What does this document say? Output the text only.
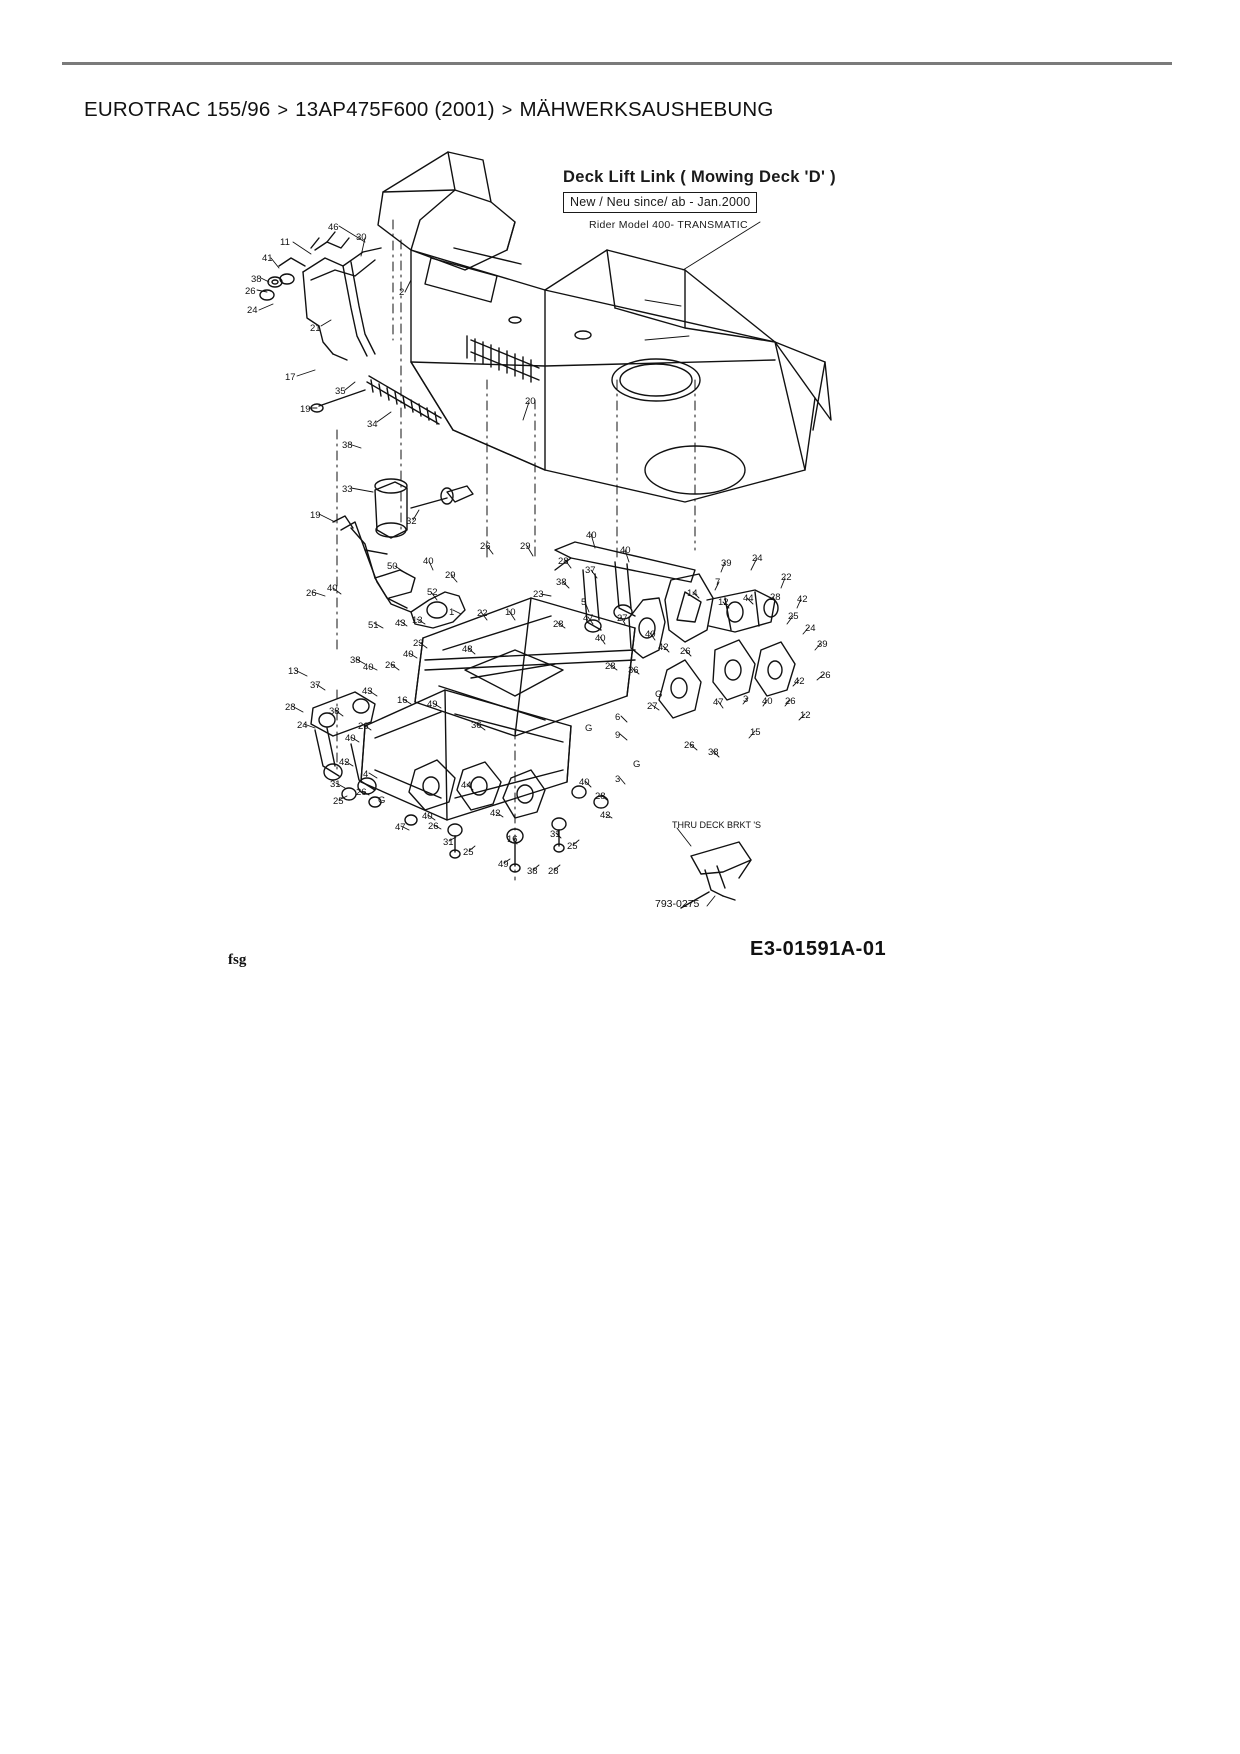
EUROTRAC 155/96 > 13AP475F600 (2001) > MÄHWERKSAUSHEBUNG
Deck Lift Link ( Mowing Deck 'D' )
New / Neu since/ ab - Jan.2000
Rider Model 400- TRANSMATIC
THRU DECK BRKT 'S
793-0275
fsg	E3-01591A-01
46
11	30
41
38
26
24
2
21
17
35
19
34
20
38
33
19
32
26	29
40
40
28
37
38
23
39 24
7	22
14
12 44 28 42
50	40
29
26 40	52
1 22 10
5
25
51 43 13	28
47 27
24
40	40
23
40	48	42 26
39
40
38	26	28 36
13
37	42
26
43
16 49	27
3 40 26
47
28	38
24	26	36
6	12
40	9	15
42
26
38
4
31
25
26
44	40	3
28
42
40	42
47 26
31
25
16	31
25
49
38 28
G
G
G
G
